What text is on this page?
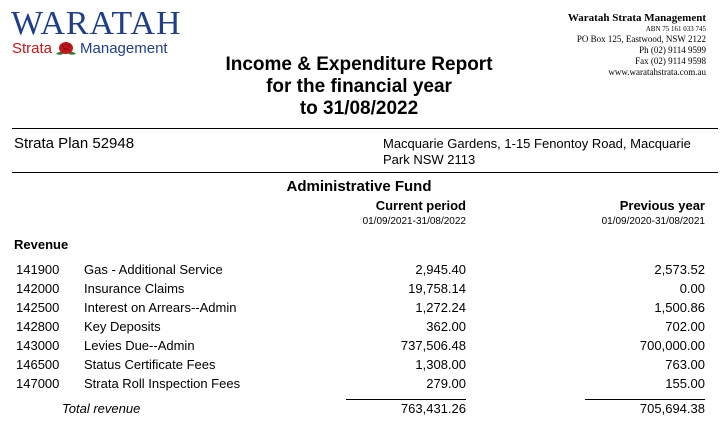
WARATAH
Strata Management
Waratah Strata Management
ABN 75 161 033 745
PO Box 125, Eastwood, NSW 2122
Ph (02) 9114 9599
Fax (02) 9114 9598
www.waratahstrata.com.au
Income & Expenditure Report
for the financial year
to 31/08/2022
Strata Plan 52948	Macquarie Gardens, 1-15 Fenontoy Road, Macquarie Park NSW 2113
Administrative Fund
Current period
01/09/2021-31/08/2022
Previous year
01/09/2020-31/08/2021
Revenue
141900 Gas - Additional Service	2,945.40	2,573.52
142000 Insurance Claims	19,758.14	0.00
142500 Interest on Arrears--Admin	1,272.24	1,500.86
142800 Key Deposits	362.00	702.00
143000 Levies Due--Admin	737,506.48	700,000.00
146500 Status Certificate Fees	1,308.00	763.00
147000 Strata Roll Inspection Fees	279.00	155.00
Total revenue	763,431.26	705,694.38
